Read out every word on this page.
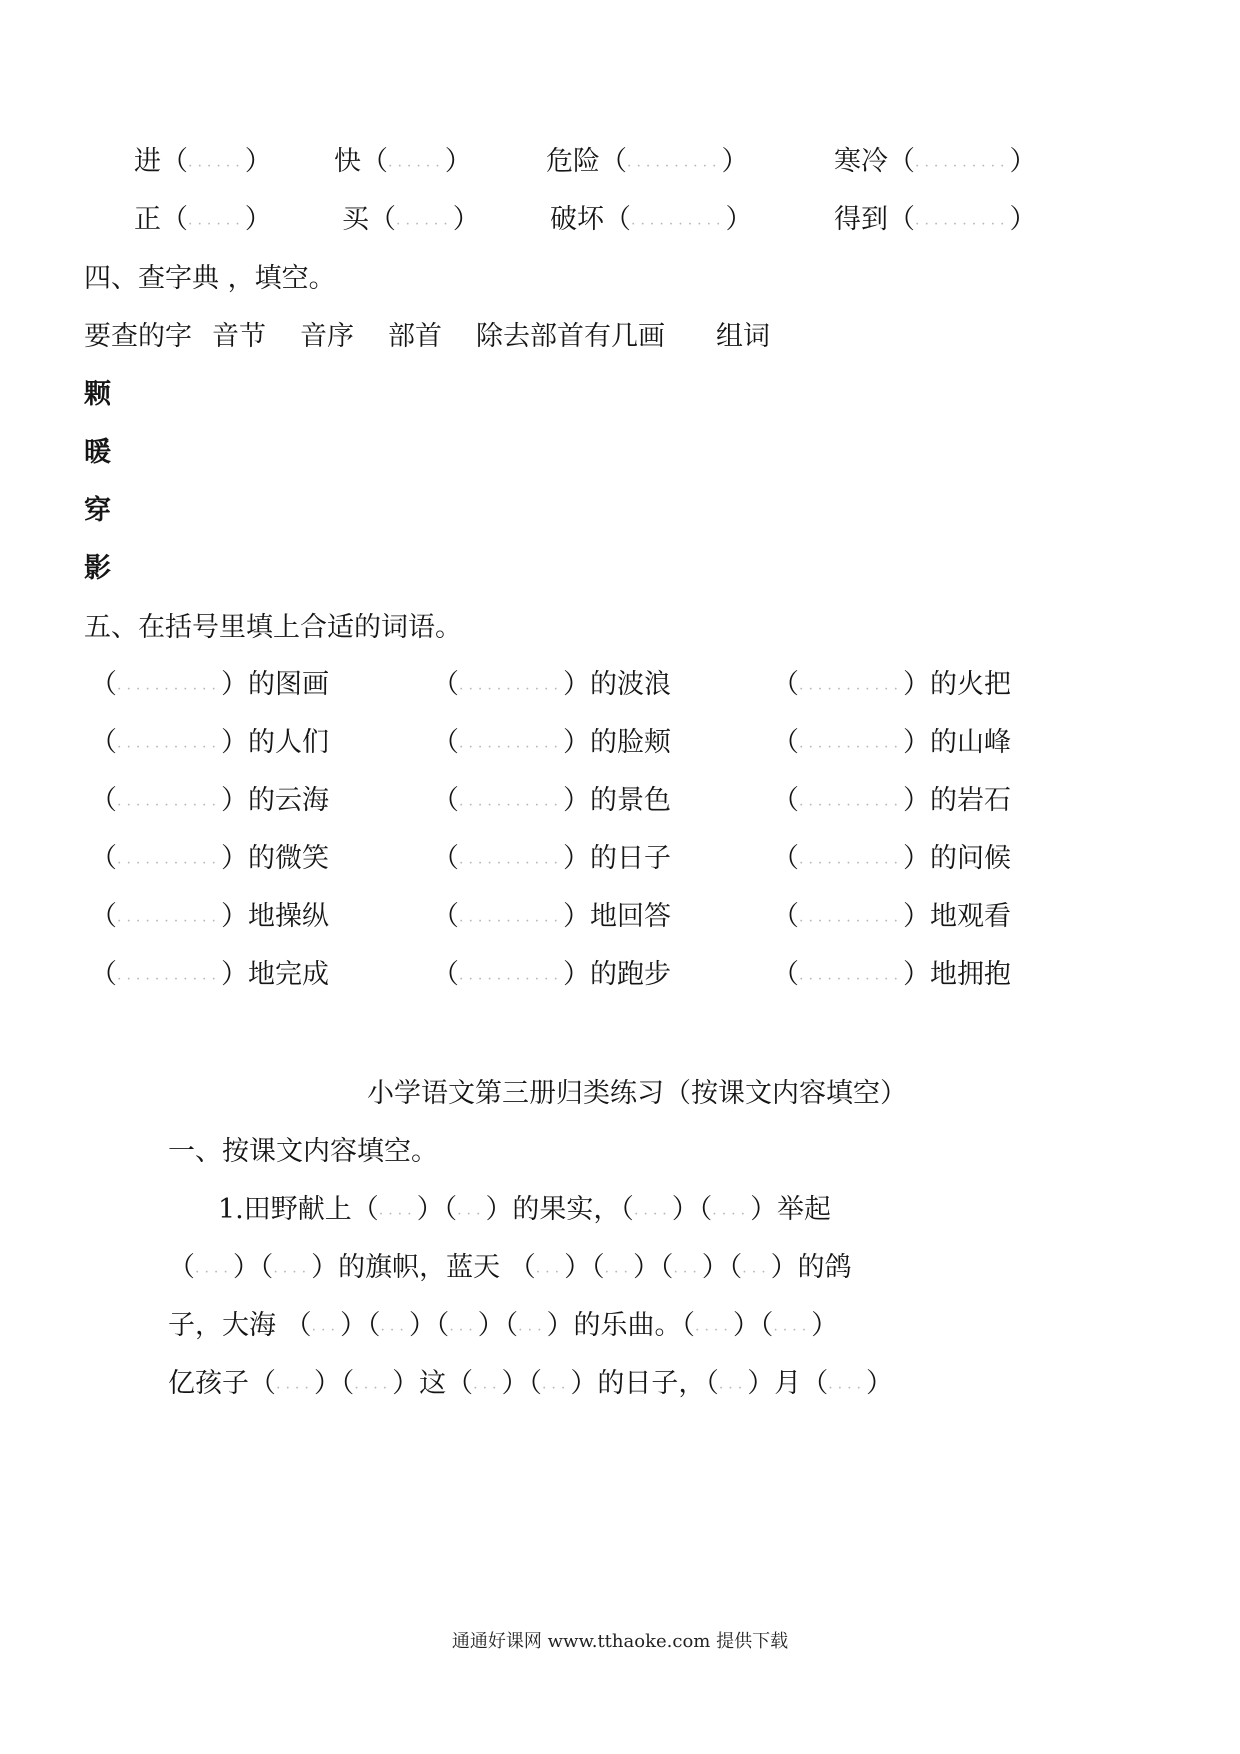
进（......） 快（......）	危险（..........）	寒冷（..........）
正（......）	买（......）	破坏（..........）	得到（..........）
四、查字典 ，填空。
要查的字 音节 音序 部首 除去部首有几画 组词
颗
暖
穿
影
五、在括号里填上合适的词语。
（...........）的图画	（...........）的波浪	（...........）的火把
（...........）的人们	（...........）的脸颊	（...........）的山峰
（...........）的云海	（...........）的景色	（...........）的岩石
（...........）的微笑	（...........）的日子	（...........）的问候
（...........）地操纵	（...........）地回答	（...........）地观看
（...........）地完成	（...........）的跑步	（...........）地拥抱
小学语文第三册归类练习（按课文内容填空）
一、按课文内容填空。
1.田野献上（....）（...）的果实，（....）（....）举起
（....）（....）的旗帜，蓝天 （...）（...）（...）（...）的鸽
子，大海 （...）（...）（...）（...）的乐曲。（....）（....）
亿孩子（....）（....）这（...）（...）的日子，（...）月（....）
通通好课网 www.tthaoke.com 提供下载
